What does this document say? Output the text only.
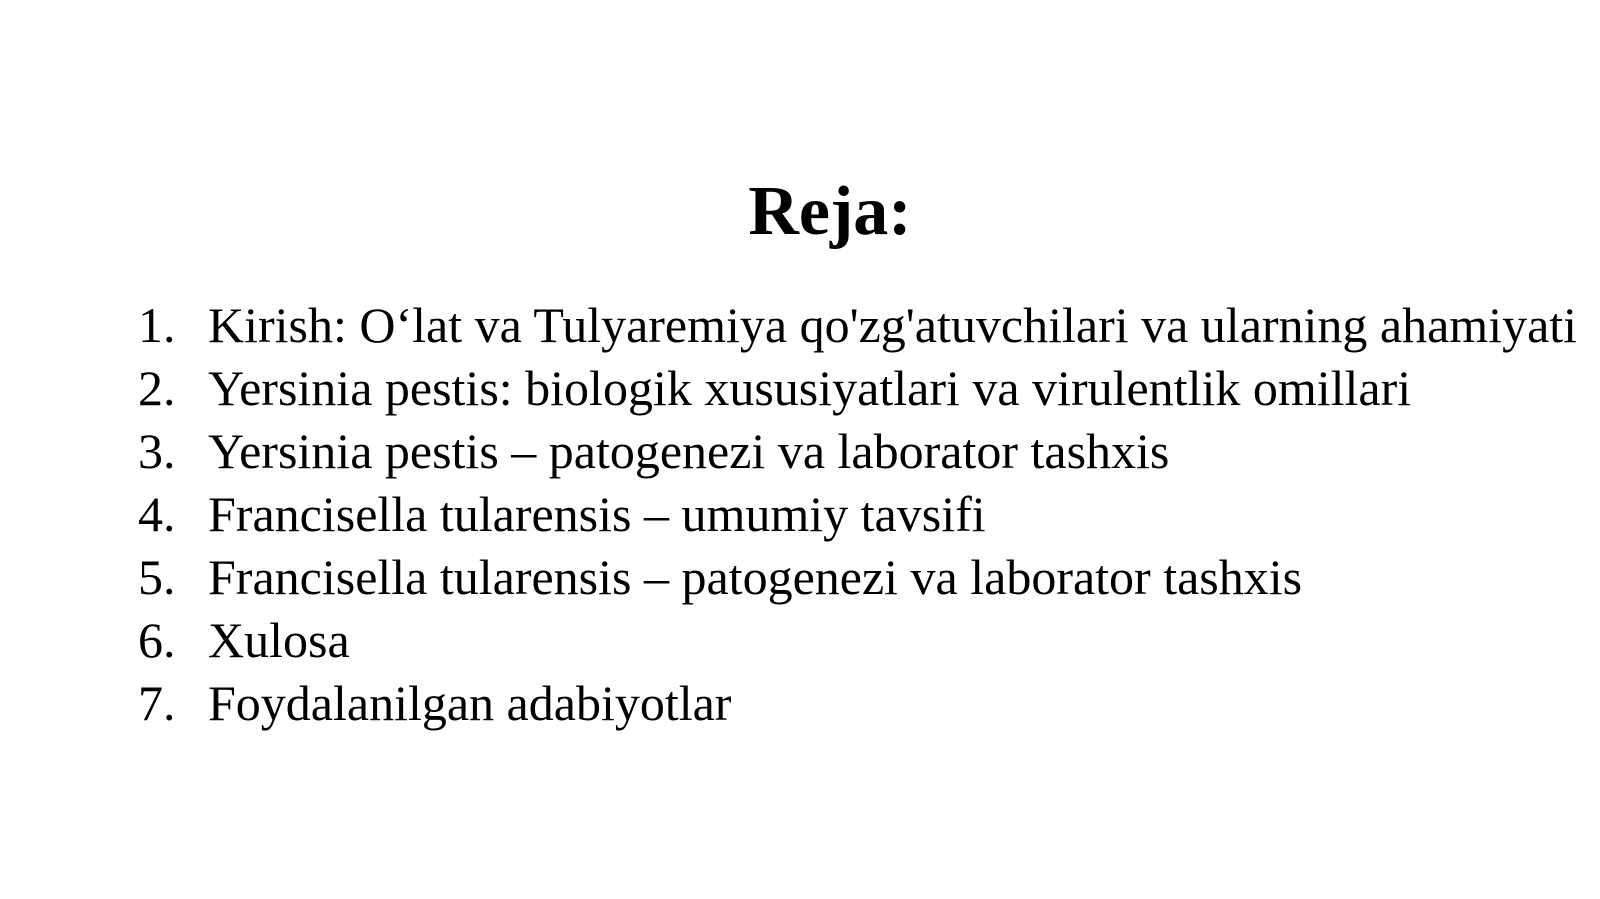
Reja:
1. Kirish: O‘lat va Tulyaremiya qo'zg'atuvchilari va ularning ahamiyati
2. Yersinia pestis: biologik xususiyatlari va virulentlik omillari
3. Yersinia pestis – patogenezi va laborator tashxis
4. Francisella tularensis – umumiy tavsifi
5. Francisella tularensis – patogenezi va laborator tashxis
6. Xulosa
7. Foydalanilgan adabiyotlar
